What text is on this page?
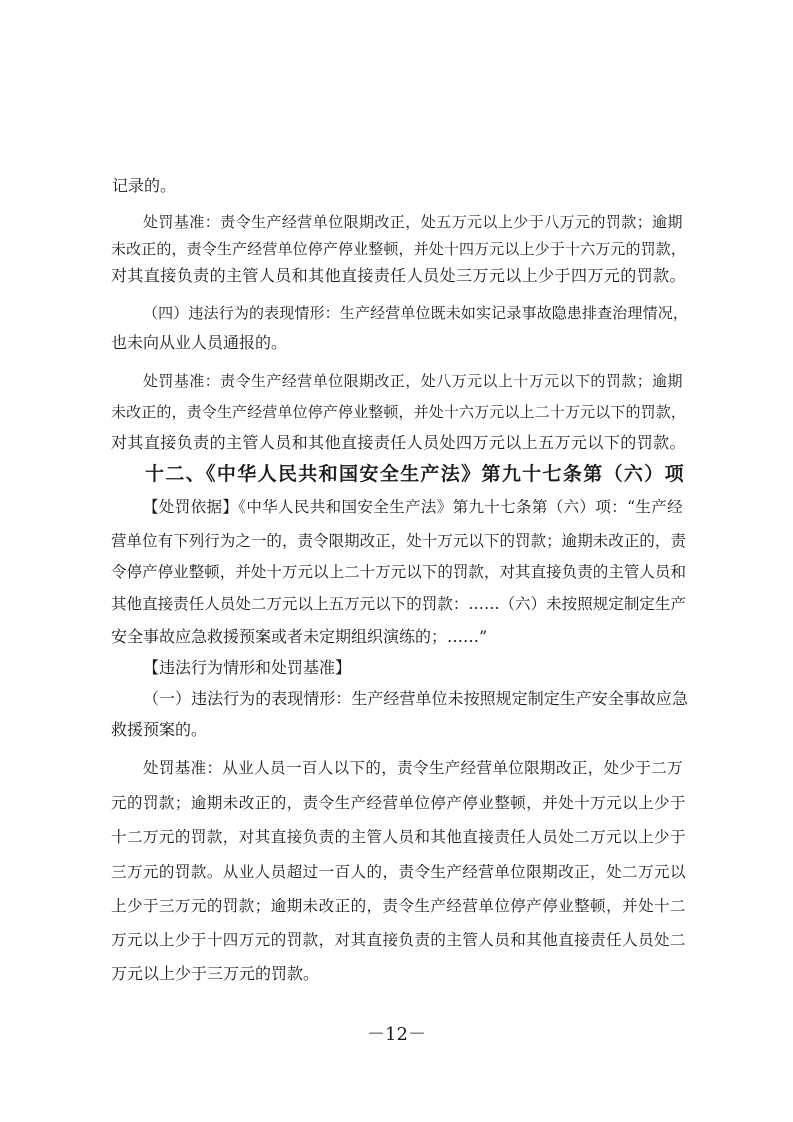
记录的。
处罚基准：责令生产经营单位限期改正，处五万元以上少于八万元的罚款；逾期
未改正的，责令生产经营单位停产停业整顿，并处十四万元以上少于十六万元的罚款，
对其直接负责的主管人员和其他直接责任人员处三万元以上少于四万元的罚款。
（四）违法行为的表现情形：生产经营单位既未如实记录事故隐患排查治理情况，
也未向从业人员通报的。
处罚基准：责令生产经营单位限期改正，处八万元以上十万元以下的罚款；逾期
未改正的，责令生产经营单位停产停业整顿，并处十六万元以上二十万元以下的罚款，
对其直接负责的主管人员和其他直接责任人员处四万元以上五万元以下的罚款。
十二、《中华人民共和国安全生产法》第九十七条第（六）项
【处罚依据】《中华人民共和国安全生产法》第九十七条第（六）项：“生产经
营单位有下列行为之一的，责令限期改正，处十万元以下的罚款；逾期未改正的，责
令停产停业整顿，并处十万元以上二十万元以下的罚款，对其直接负责的主管人员和
其他直接责任人员处二万元以上五万元以下的罚款：……（六）未按照规定制定生产
安全事故应急救援预案或者未定期组织演练的；……”
【违法行为情形和处罚基准】
（一）违法行为的表现情形：生产经营单位未按照规定制定生产安全事故应急
救援预案的。
处罚基准：从业人员一百人以下的，责令生产经营单位限期改正，处少于二万
元的罚款；逾期未改正的，责令生产经营单位停产停业整顿，并处十万元以上少于
十二万元的罚款，对其直接负责的主管人员和其他直接责任人员处二万元以上少于
三万元的罚款。从业人员超过一百人的，责令生产经营单位限期改正，处二万元以
上少于三万元的罚款；逾期未改正的，责令生产经营单位停产停业整顿，并处十二
万元以上少于十四万元的罚款，对其直接负责的主管人员和其他直接责任人员处二
万元以上少于三万元的罚款。
－12－
